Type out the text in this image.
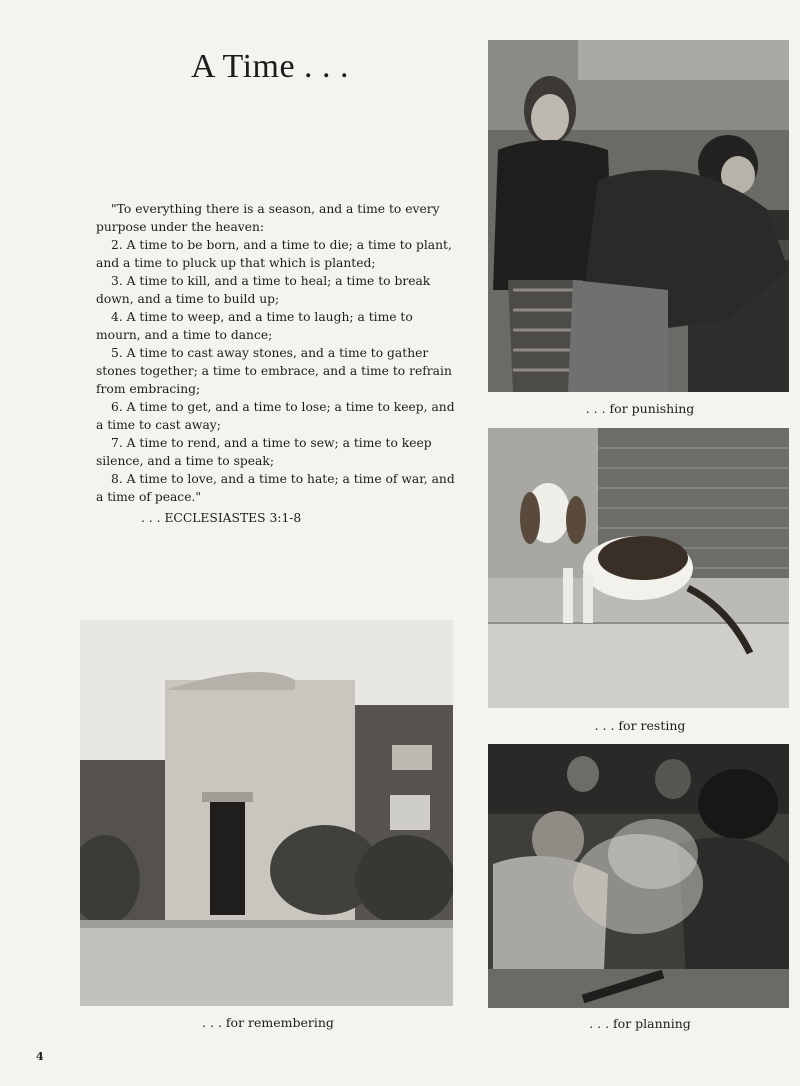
A Time . . .

"To everything there is a season, and a time to every purpose under the heaven:

2. A time to be born, and a time to die; a time to plant, and a time to pluck up that which is planted;

3. A time to kill, and a time to heal; a time to break down, and a time to build up;

4. A time to weep, and a time to laugh; a time to mourn, and a time to dance;

5. A time to cast away stones, and a time to gather stones together; a time to embrace, and a time to refrain from embracing;

6. A time to get, and a time to lose; a time to keep, and a time to cast away;

7. A time to rend, and a time to sew; a time to keep silence, and a time to speak;

8. A time to love, and a time to hate; a time of war, and a time of peace."

. . . ECCLESIASTES 3:1-8

. . . for punishing
. . . for resting
. . . for remembering	. . . for planning
4
